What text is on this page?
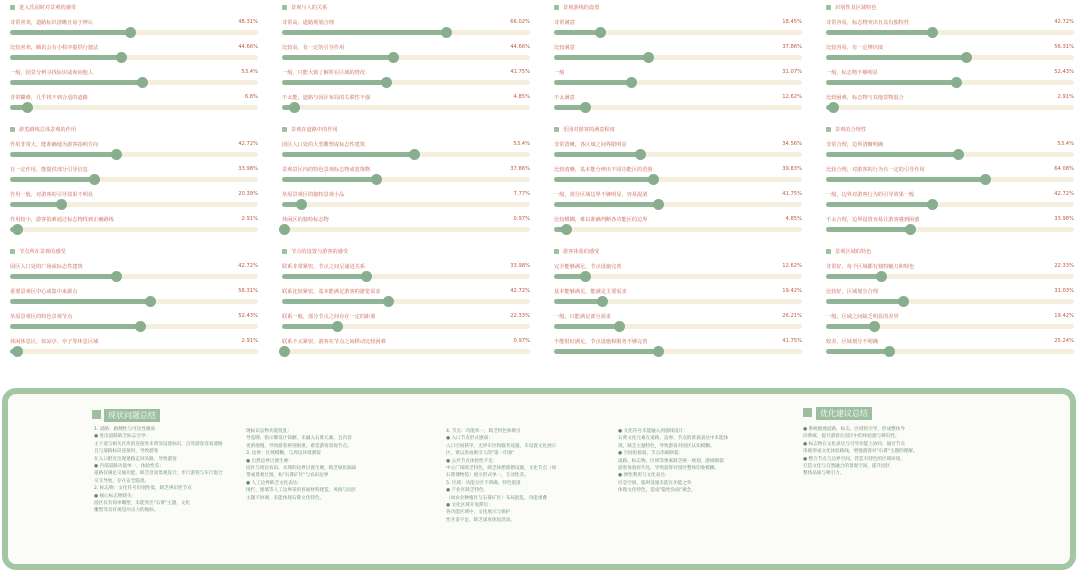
进入乐园时对景观的感受
非常喜欢，道路标识清晰且易于辨认	48.31%
比较喜欢，腾讯会有小程序提供行驶法	44.66%
一般，园景分辨寻找标识或询问他人	53.4%
非常糊难，几乎找不到合适的道路	6.8%
游览路线总体景观的作用
作用非常大，能准确地为游客指明方向	42.72%
有一定作用，能提供部分引导信息	33.98%
作用一般，对游客的引导效果不明显	20.39%
作用较小，游客很难通过标志物找到正确路线	2.91%
节点所在景观的感受
园区人口处的广场或标志性建筑	42.72%
重要景观区中心或集中来源点	56.31%
草原景观区的特色景观节点	52.43%
休闲休息区，如凉亭、亭子等休息区域	2.91%
景观与人的关系
非常高，道路规划合理	66.02%
比较高，有一定的引导作用	44.66%
一般，只能大致了解所在区域的情况	41.75%
不太能，道路与园区布局的关联性不强	4.85%
景观在道路中的作用
园区人口处的大型雕塑或标志性建筑	53.4%
景观景区内的特色景观标志物或装饰物	37.86%
草原景观区的独特景观小品	7.77%
休闲区的独特标志物	0.97%
节点的设置与游客的感受
联系非常紧密，节点之间呈递进关系	33.98%
联系比较紧密，基本能满足游客的游览需求	42.72%
联系一般，部分节点之间存在一定的距离	22.33%
联系不太紧密，游客在节点之间移动比较困难	0.97%
景观游线的设置
非常满意	18.45%
比较满意	37.86%
一般	31.07%
不太满意	12.62%
乐园对游客的满意程度
非常清晰，各区域之间界限明显	34.56%
比较清晰，基本能分辨出不同功能区的范围	39.83%
一般，部分区域边界不够明显，容易混淆	41.75%
比较模糊，难以准确判断各功能区的边界	4.85%
游客体验的感受
完全能够满足，节点设施完善	12.62%
基本能够满足，能满足主要需求	19.42%
一般，只能满足部分需求	26.21%
不能很好满足，节点设施和服务不够完善	41.75%
识别性及区域特色
非常容易，标志物突出且具有独特性	42.72%
比较容易，有一定辨识度	56.31%
一般，标志物不够明显	52.43%
比较困难，标志物与其他景物混合	2.91%
景观的合理性
非常合理，边界清晰明确	53.4%
比较合理，对游客的行为有一定的引导作用	64.08%
一般，边界对游客行为的引导效果一般	42.72%
不太合理，边界设置容易让游客感到困惑	33.98%
景观区域的特色
非常好，每个区域都有独特魅力和特色	22.33%
比较好，区域划分合理	31.03%
一般，区域之间缺乏明显的差异	19.42%
较差，区域划分不明确	25.24%
现状问题总结	优化建议总结
1. 道路：路侧性与可达性薄弱
● 进出道路缺乏标志引导：
主干道与相关区块的连接处未明显设置标识，自驾游客容易迷路
且与道路标识连接时，导致游客
在入口附近出现迷路走回头路，导致游客
● 内部道路功能单一，体验性差：
道路仅满足交通功能，缺乏沿途景观设计，步行游客与车行混合
交叉导致，存在安全隐患。
2. 标志物：文化符号识别性低，缺乏辨识性节点
● 核心标志物缺失：
园区仅有简单雕塑，未能突出"石膏"主题，文化
雕塑等具有视觉冲击力的地标。
现标识志物功能混乱：
导览牌、指示牌设计简陋，未融入石膏元素，且内容
更新缓慢，导致游客辨别困难，难觅游客景观节点。
3. 边界：区域模糊，与周边环境割裂
● 自然边界过渡生硬：
园区与周边农田、水域的边界过渡生硬，缺乏绿化隔离
带或景观过渡，如"石膏矿区"与农田边界
● 人工边界缺乏文化表达：
围栏、围墙等人工边界采用普通材料建造，风格与园区
主题不协调，未能体现石膏文化特色。
4. 节点：功能单一，缺乏特色和吸引
● 入口节点形式感弱：
入口空间狭窄，无停车区和服务设施，未设置文化展示
区，难以形成吸引人的"第一印象"
● 公共节点体验性不足：
中心广场缺乏特色，缺乏休憩游憩设施，文化节点（如
石膏博物馆）展示形式单一，互动性差。
5. 区域：功能分区不明确，特色混淆
● 产业区缺乏特色：
（如农业种植区与石膏矿区）布局混乱，功能重叠
● 文化区域开发滞后：
各功能区域中，文化展示与保护
性开发不足，缺乏深度体验活动。
● 文化符号未能融入到游线设计：
石膏文化元素在道路、边界、节点的景观表达中未能体
现，缺乏主题特色，导致游客对园区认知模糊。
● 空间衔接弱，节点串联断裂：
道路、标志物、区域等要素缺乏统一规划，游线断裂
游客体验碎片化，导致游客对园区整体印象模糊。
● 弹性利用与文化表达：
应急空间、临时设施未能在功能之外
体现文化特色，造成"隐性负面"观念。
● 系统梳理道路、标志、区域的引导，形成整体导
向系统，提升游客在园区中的体验感与辨识性。
● 标志物在文化表达与引导功能上协同，通过节点
串联形成文化体验路线，增强游客对"石膏"主题的理解。
● 整合节点与边界空间，营造有特色的区域环境，
打造文化与自然融合的景观空间，提升园区
整体品质与吸引力。
